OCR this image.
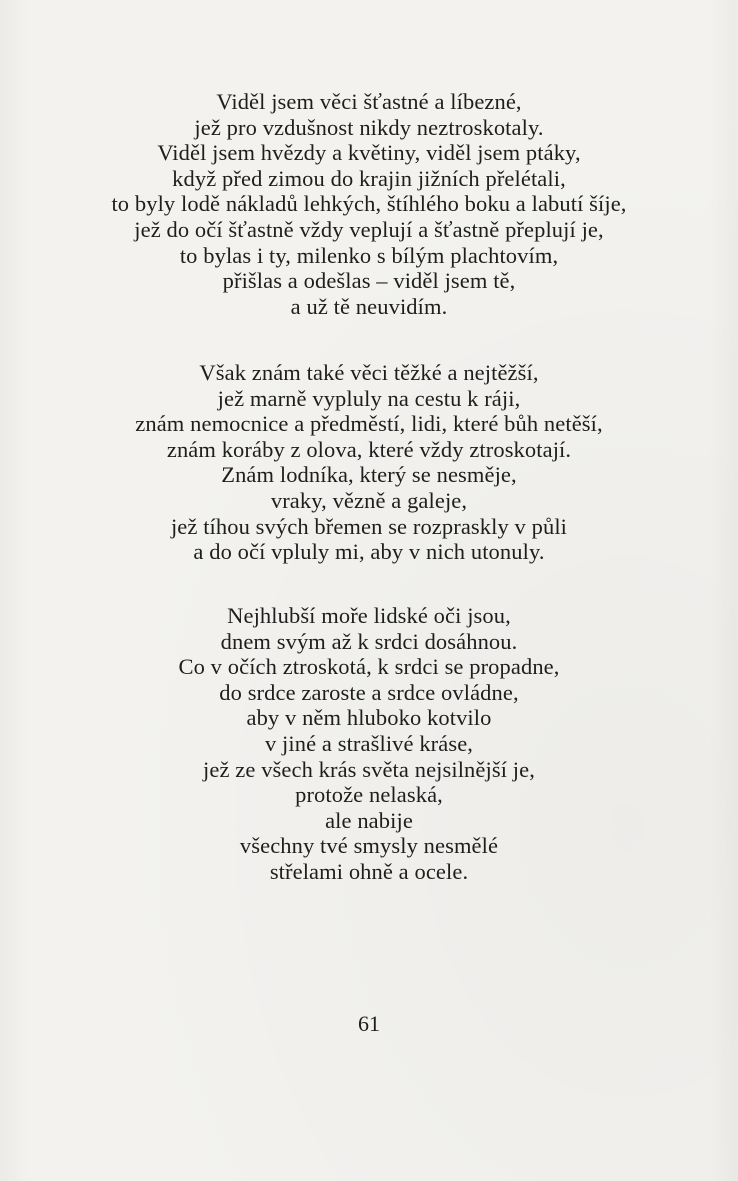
Viděl jsem věci šťastné a líbezné,
jež pro vzdušnost nikdy neztroskotaly.
Viděl jsem hvězdy a květiny, viděl jsem ptáky,
když před zimou do krajin jižních přelétali,
to byly lodě nákladů lehkých, štíhlého boku a labutí šíje,
jež do očí šťastně vždy veplují a šťastně přeplují je,
to bylas i ty, milenko s bílým plachtovím,
přišlas a odešlas – viděl jsem tě,
a už tě neuvidím.
Však znám také věci těžké a nejtěžší,
jež marně vypluly na cestu k ráji,
znám nemocnice a předměstí, lidi, které bůh netěší,
znám koráby z olova, které vždy ztroskotají.
Znám lodníka, který se nesměje,
vraky, vězně a galeje,
jež tíhou svých břemen se rozpraskly v půli
a do očí vpluly mi, aby v nich utonuly.
Nejhlubší moře lidské oči jsou,
dnem svým až k srdci dosáhnou.
Co v očích ztroskotá, k srdci se propadne,
do srdce zaroste a srdce ovládne,
aby v něm hluboko kotvilo
v jiné a strašlivé kráse,
jež ze všech krás světa nejsilnější je,
protože nelaská,
ale nabije
všechny tvé smysly nesmělé
střelami ohně a ocele.
61
